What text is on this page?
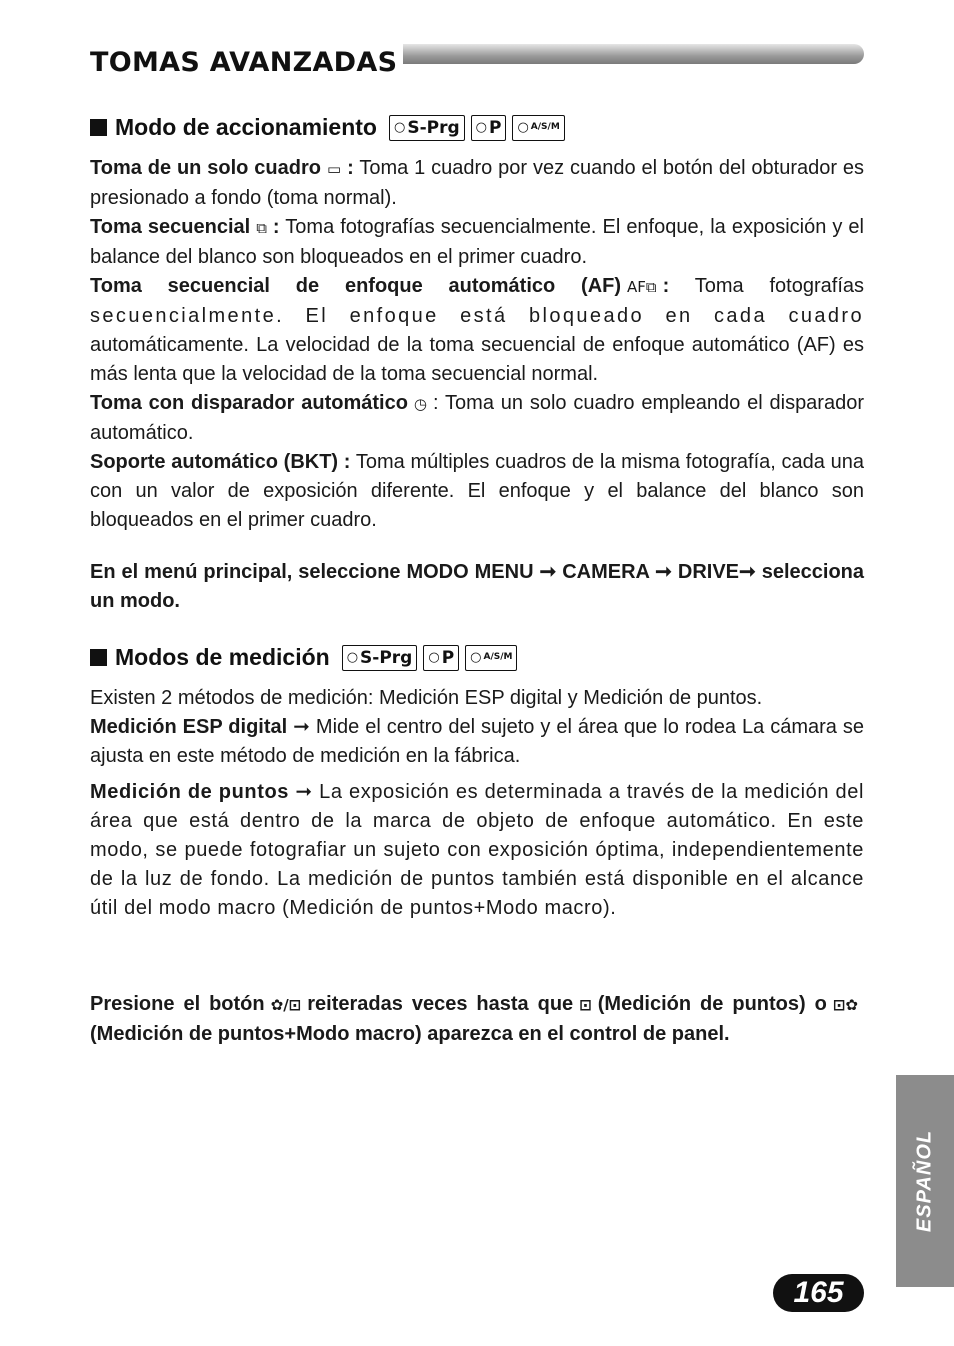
TOMAS AVANZADAS
Modo de accionamiento ○ S-Prg ○ P ○ A/S/M

Toma de un solo cuadro ▭ : Toma 1 cuadro por vez cuando el botón del obturador es presionado a fondo (toma normal).

Toma secuencial ⧉ : Toma fotografías secuencialmente. El enfoque, la exposición y el balance del blanco son bloqueados en el primer cuadro.

Toma secuencial de enfoque automático (AF) AF⧉ : Toma fotografías secuencialmente. El enfoque está bloqueado en cada cuadro automáticamente. La velocidad de la toma secuencial de enfoque automático (AF) es más lenta que la velocidad de la toma secuencial normal.

Toma con disparador automático ◷ : Toma un solo cuadro empleando el disparador automático.

Soporte automático (BKT) : Toma múltiples cuadros de la misma fotografía, cada una con un valor de exposición diferente. El enfoque y el balance del blanco son bloqueados en el primer cuadro.

En el menú principal, seleccione MODO MENU ➞ CAMERA ➞ DRIVE➞ selecciona un modo.
Modos de medición ○ S-Prg ○ P ○ A/S/M

Existen 2 métodos de medición: Medición ESP digital y Medición de puntos.

Medición ESP digital ➞ Mide el centro del sujeto y el área que lo rodea La cámara se ajusta en este método de medición en la fábrica.

Medición de puntos ➞ La exposición es determinada a través de la medición del área que está dentro de la marca de objeto de enfoque automático. En este modo, se puede fotografiar un sujeto con exposición óptima, independientemente de la luz de fondo. La medición de puntos también está disponible en el alcance útil del modo macro (Medición de puntos+Modo macro).

Presione el botón ✿/⊡ reiteradas veces hasta que ⊡ (Medición de puntos) o ⊡✿(Medición de puntos+Modo macro) aparezca en el control de panel.
ESPAÑOL
165
